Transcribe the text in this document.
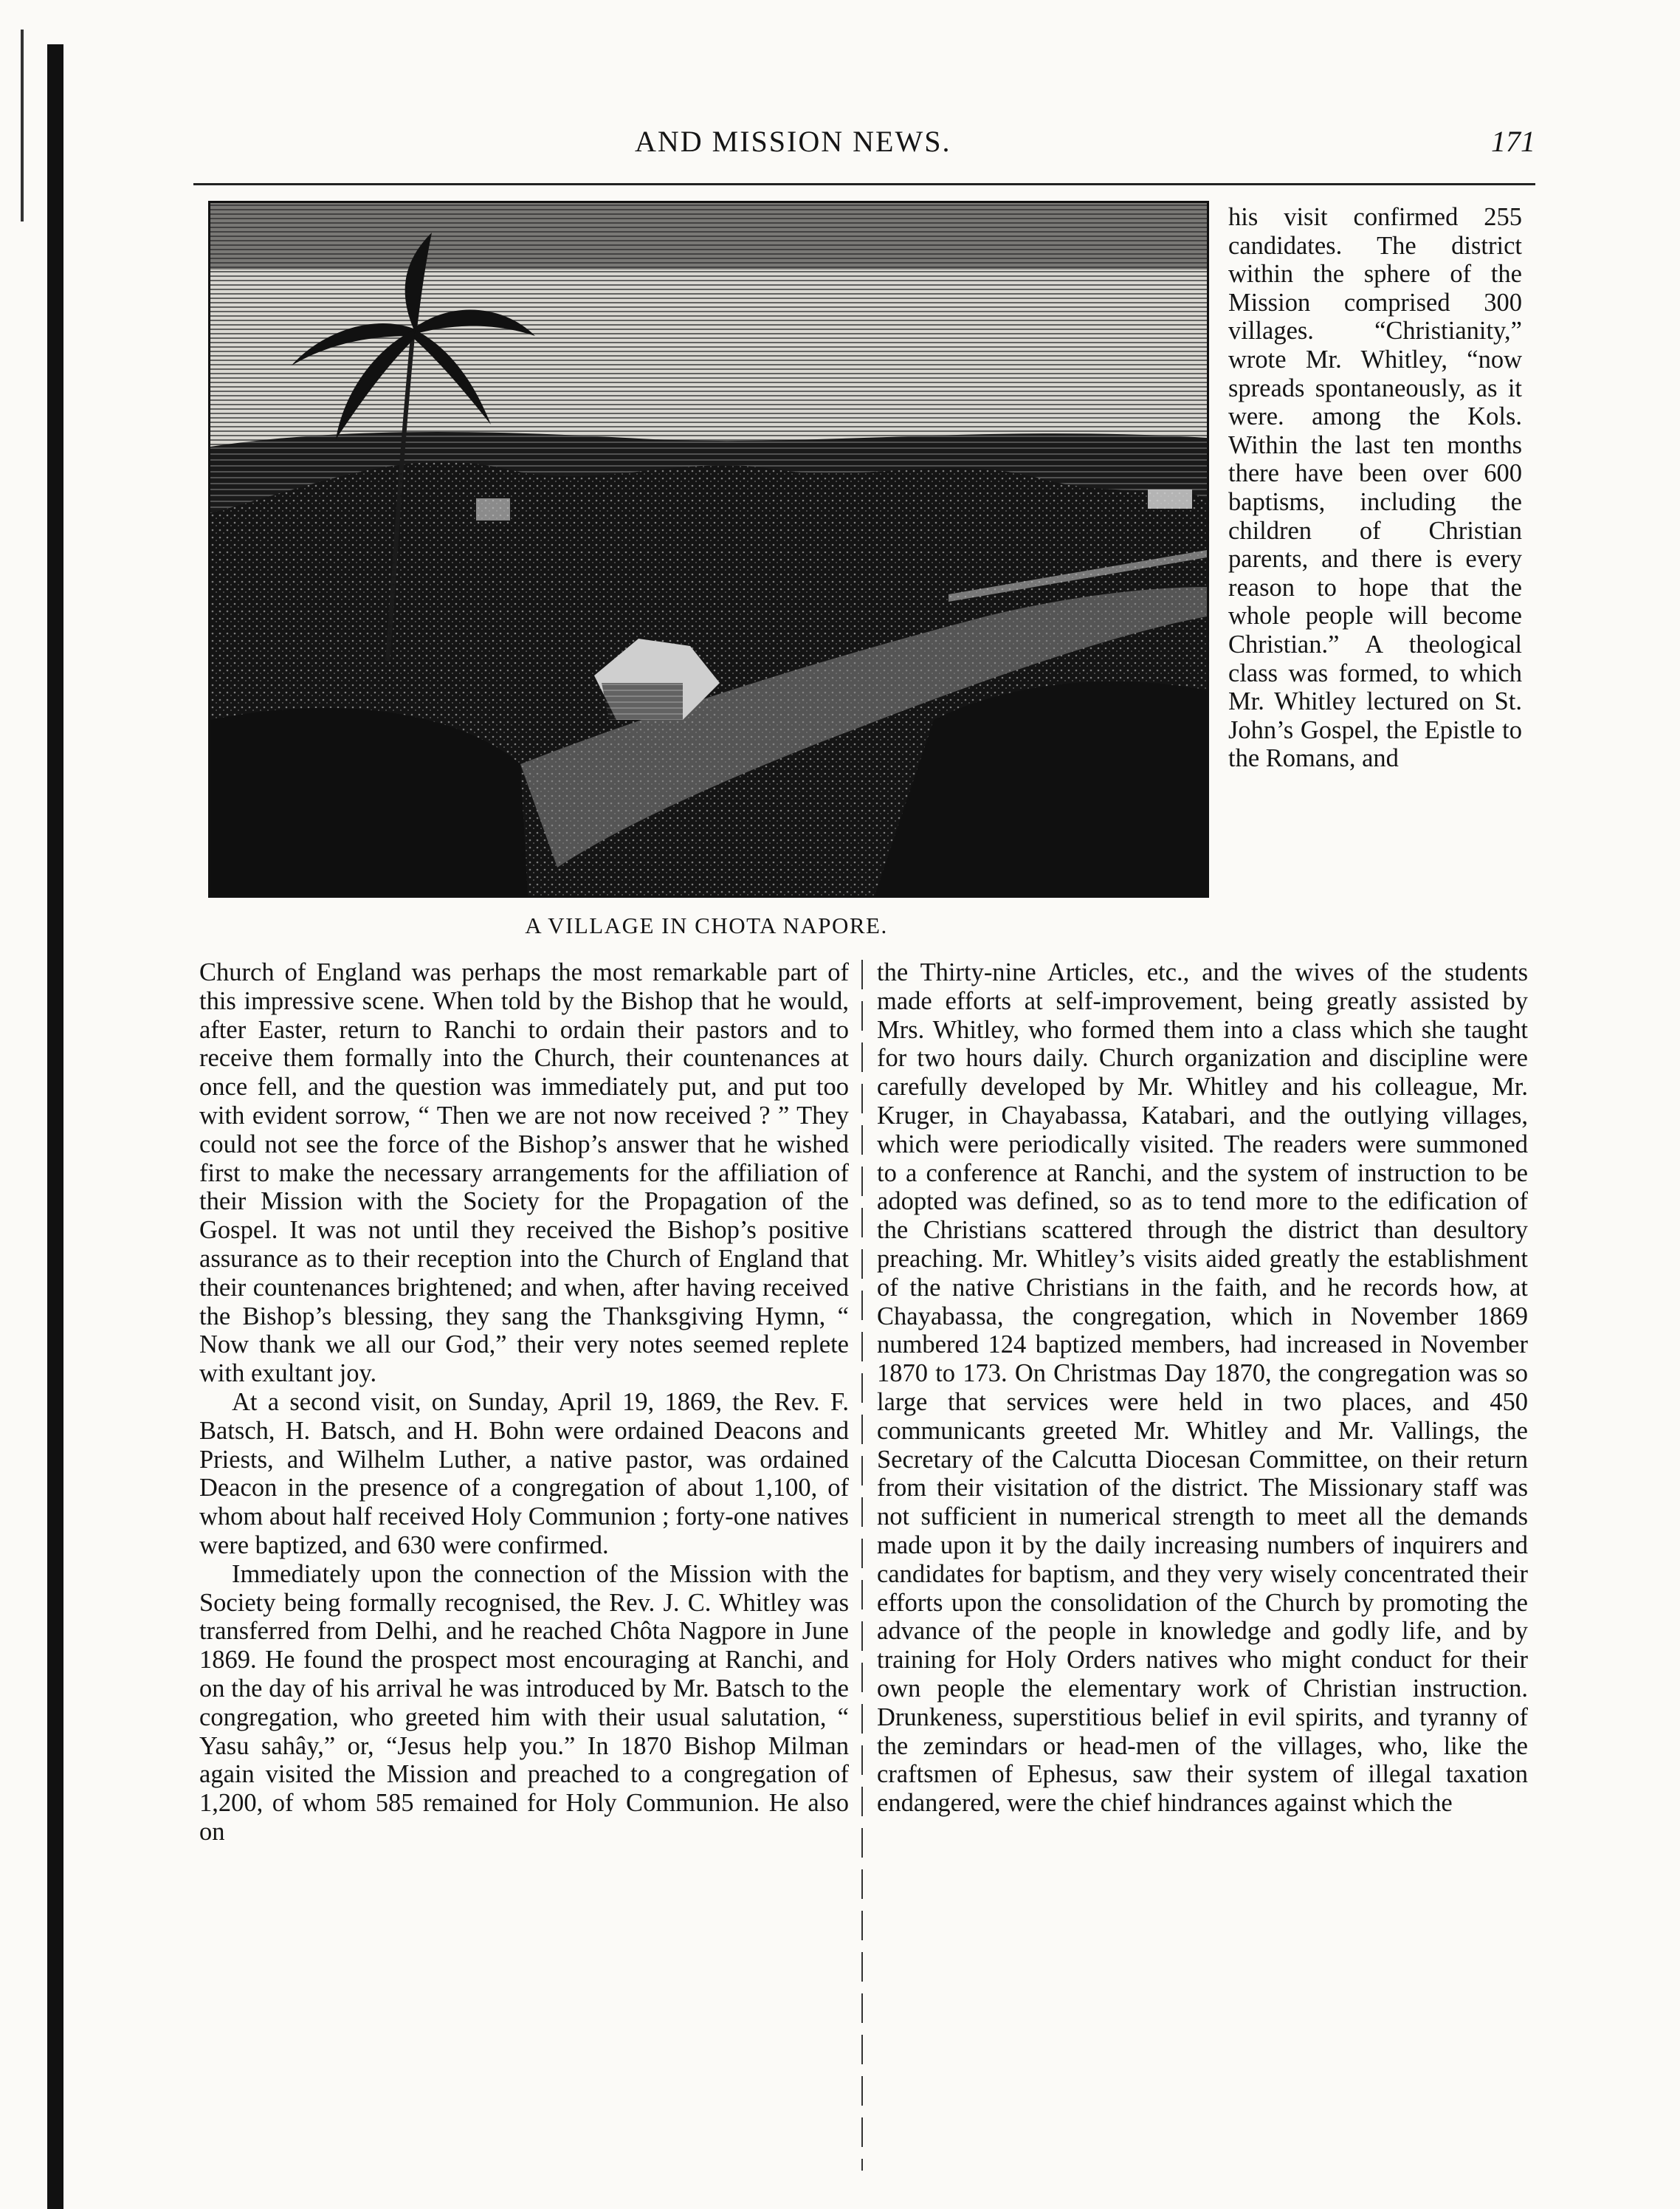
AND MISSION NEWS.	171
A VILLAGE IN CHOTA NAPORE.
his visit confirmed 255 candidates. The district within the sphere of the Mission comprised 300 villages. “Christianity,” wrote Mr. Whitley, “now spreads spontaneously, as it were. among the Kols. Within the last ten months there have been over 600 baptisms, including the children of Christian parents, and there is every reason to hope that the whole people will become Christian.” A theological class was formed, to which Mr. Whitley lectured on St. John’s Gospel, the Epistle to the Romans, and

Church of England was perhaps the most remarkable part of this impressive scene. When told by the Bishop that he would, after Easter, return to Ranchi to ordain their pastors and to receive them formally into the Church, their countenances at once fell, and the question was immediately put, and put too with evident sorrow, “ Then we are not now received ? ” They could not see the force of the Bishop’s answer that he wished first to make the necessary arrangements for the affiliation of their Mission with the Society for the Propagation of the Gospel. It was not until they received the Bishop’s positive assurance as to their reception into the Church of England that their countenances brightened; and when, after having received the Bishop’s blessing, they sang the Thanksgiving Hymn, “ Now thank we all our God,” their very notes seemed replete with exultant joy.

At a second visit, on Sunday, April 19, 1869, the Rev. F. Batsch, H. Batsch, and H. Bohn were ordained Deacons and Priests, and Wilhelm Luther, a native pastor, was ordained Deacon in the presence of a congregation of about 1,100, of whom about half received Holy Communion ; forty-one natives were baptized, and 630 were confirmed.

Immediately upon the connection of the Mission with the Society being formally recognised, the Rev. J. C. Whitley was transferred from Delhi, and he reached Chôta Nagpore in June 1869. He found the prospect most encouraging at Ranchi, and on the day of his arrival he was introduced by Mr. Batsch to the congregation, who greeted him with their usual salutation, “ Yasu sahây,” or, “Jesus help you.” In 1870 Bishop Milman again visited the Mission and preached to a congregation of 1,200, of whom 585 remained for Holy Communion. He also on

the Thirty-nine Articles, etc., and the wives of the students made efforts at self-improvement, being greatly assisted by Mrs. Whitley, who formed them into a class which she taught for two hours daily. Church organization and discipline were carefully developed by Mr. Whitley and his colleague, Mr. Kruger, in Chayabassa, Katabari, and the outlying villages, which were periodically visited. The readers were summoned to a conference at Ranchi, and the system of instruction to be adopted was defined, so as to tend more to the edification of the Christians scattered through the district than desultory preaching. Mr. Whitley’s visits aided greatly the establishment of the native Christians in the faith, and he records how, at Chayabassa, the congregation, which in November 1869 numbered 124 baptized members, had increased in November 1870 to 173. On Christmas Day 1870, the congregation was so large that services were held in two places, and 450 communicants greeted Mr. Whitley and Mr. Vallings, the Secretary of the Calcutta Diocesan Committee, on their return from their visitation of the district. The Missionary staff was not sufficient in numerical strength to meet all the demands made upon it by the daily increasing numbers of inquirers and candidates for baptism, and they very wisely concentrated their efforts upon the consolidation of the Church by promoting the advance of the people in knowledge and godly life, and by training for Holy Orders natives who might conduct for their own people the elementary work of Christian instruction. Drunkeness, superstitious belief in evil spirits, and tyranny of the zemindars or head-men of the villages, who, like the craftsmen of Ephesus, saw their system of illegal taxation endangered, were the chief hindrances against which the
